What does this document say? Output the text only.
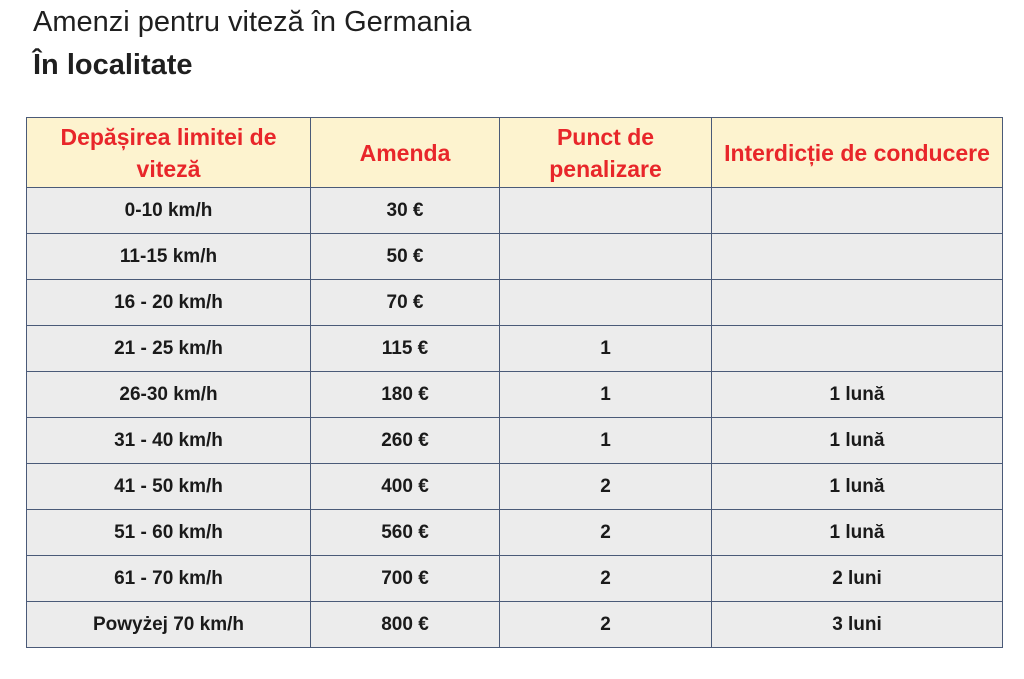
Amenzi pentru viteză în Germania
În localitate
Depășirea limitei de viteză	Amenda	Punct de penalizare	Interdicție de conducere
0-10 km/h	30 €		
11-15 km/h	50 €		
16 - 20 km/h	70 €		
21 - 25 km/h	115 €	1	
26-30 km/h	180 €	1	1 lună
31 - 40 km/h	260 €	1	1 lună
41 - 50 km/h	400 €	2	1 lună
51 - 60 km/h	560 €	2	1 lună
61 - 70 km/h	700 €	2	2 luni
Powyżej 70 km/h	800 €	2	3 luni
